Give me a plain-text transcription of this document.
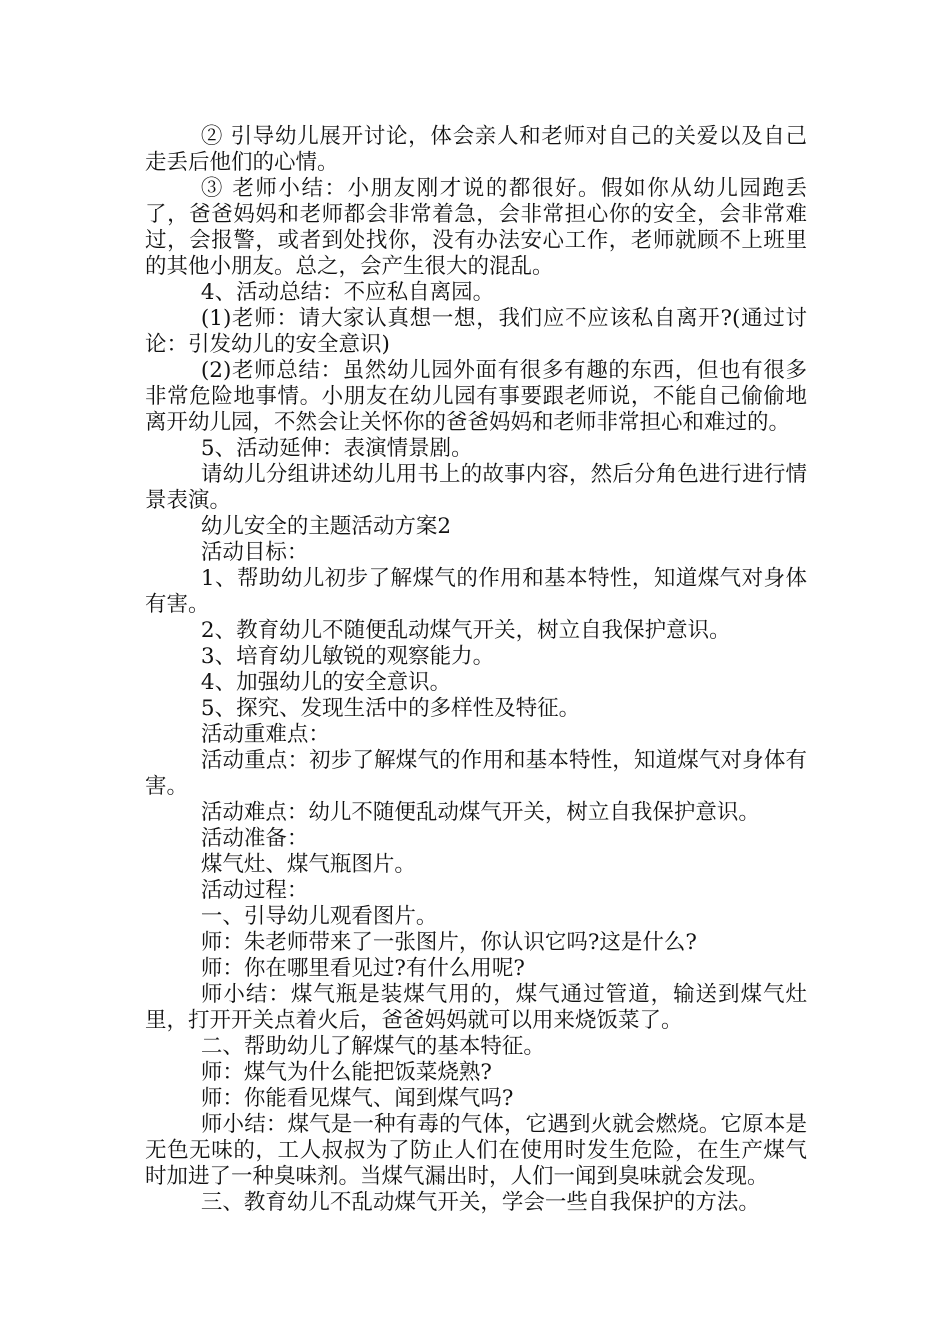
② 引导幼儿展开讨论，体会亲人和老师对自己的关爱以及自己走丢后他们的心情。

③ 老师小结：小朋友刚才说的都很好。假如你从幼儿园跑丢了，爸爸妈妈和老师都会非常着急，会非常担心你的安全，会非常难过，会报警，或者到处找你，没有办法安心工作，老师就顾不上班里的其他小朋友。总之，会产生很大的混乱。

4、活动总结：不应私自离园。

(1)老师：请大家认真想一想，我们应不应该私自离开?(通过讨论：引发幼儿的安全意识)

(2)老师总结：虽然幼儿园外面有很多有趣的东西，但也有很多非常危险地事情。小朋友在幼儿园有事要跟老师说，不能自己偷偷地离开幼儿园，不然会让关怀你的爸爸妈妈和老师非常担心和难过的。

5、活动延伸：表演情景剧。

请幼儿分组讲述幼儿用书上的故事内容，然后分角色进行进行情景表演。

幼儿安全的主题活动方案2

活动目标：

1、帮助幼儿初步了解煤气的作用和基本特性，知道煤气对身体有害。

2、教育幼儿不随便乱动煤气开关，树立自我保护意识。

3、培育幼儿敏锐的观察能力。

4、加强幼儿的安全意识。

5、探究、发现生活中的多样性及特征。

活动重难点：

活动重点：初步了解煤气的作用和基本特性，知道煤气对身体有害。

活动难点：幼儿不随便乱动煤气开关，树立自我保护意识。

活动准备：

煤气灶、煤气瓶图片。

活动过程：

一、引导幼儿观看图片。

师：朱老师带来了一张图片，你认识它吗?这是什么?

师：你在哪里看见过?有什么用呢?

师小结：煤气瓶是装煤气用的，煤气通过管道，输送到煤气灶里，打开开关点着火后，爸爸妈妈就可以用来烧饭菜了。

二、帮助幼儿了解煤气的基本特征。

师：煤气为什么能把饭菜烧熟?

师：你能看见煤气、闻到煤气吗?

师小结：煤气是一种有毒的气体，它遇到火就会燃烧。它原本是无色无味的，工人叔叔为了防止人们在使用时发生危险，在生产煤气时加进了一种臭味剂。当煤气漏出时，人们一闻到臭味就会发现。

三、教育幼儿不乱动煤气开关，学会一些自我保护的方法。
